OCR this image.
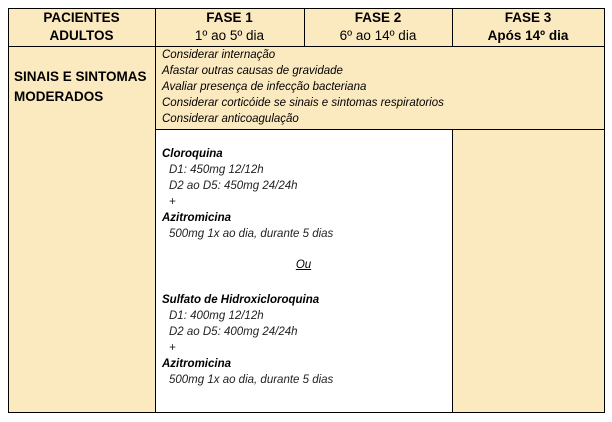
PACIENTES
ADULTOS
FASE 1
1º ao 5º dia
FASE 2
6º ao 14º dia
FASE 3
Após 14º dia
SINAIS E SINTOMAS
MODERADOS
Considerar internação
Afastar outras causas de gravidade
Avaliar presença de infecção bacteriana
Considerar corticóide se sinais e sintomas respiratorios
Considerar anticoagulação
Cloroquina
D1: 450mg 12/12h
D2 ao D5: 450mg 24/24h
+
Azitromicina
500mg 1x ao dia, durante 5 dias
Ou
Sulfato de Hidroxicloroquina
D1: 400mg 12/12h
D2 ao D5: 400mg 24/24h
+
Azitromicina
500mg 1x ao dia, durante 5 dias
